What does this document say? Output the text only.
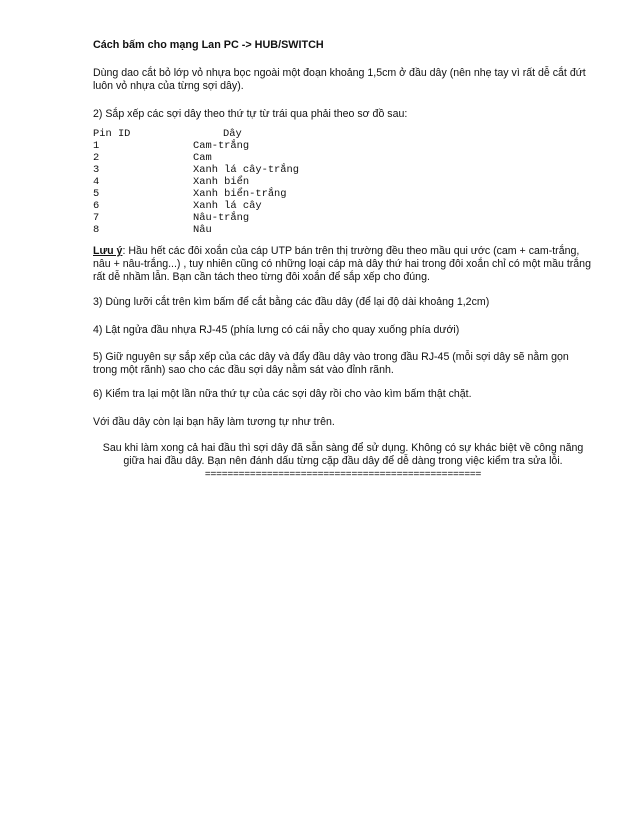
Cách bấm cho mạng Lan PC -> HUB/SWITCH
Dùng dao cắt bỏ lớp vỏ nhựa bọc ngoài một đoạn khoảng 1,5cm ở đầu dây (nên nhẹ tay vì rất dễ cắt đứt luôn vỏ nhựa của từng sợi dây).
2) Sắp xếp các sợi dây theo thứ tự từ trái qua phải theo sơ đồ sau:
Pin ID	Dây
1	Cam-trắng
2	Cam
3	Xanh lá cây-trắng
4	Xanh biển
5	Xanh biển-trắng
6	Xanh lá cây
7	Nâu-trắng
8	Nâu
Lưu ý: Hầu hết các đôi xoắn của cáp UTP bán trên thị trường đều theo mầu qui ước (cam + cam-trắng, nâu + nâu-trắng...) , tuy nhiên cũng có những loại cáp mà dây thứ hai trong đôi xoắn chỉ có một mầu trắng rất dễ nhầm lẫn. Bạn cần tách theo từng đôi xoắn để sắp xếp cho đúng.
3) Dùng lưỡi cắt trên kìm bấm để cắt bằng các đầu dây (để lại độ dài khoảng 1,2cm)
4) Lật ngửa đầu nhựa RJ-45 (phía lưng có cái nẫy cho quay xuống phía dưới)
5) Giữ nguyên sự sắp xếp của các dây và đẩy đầu dây vào trong đầu RJ-45 (mỗi sợi dây sẽ nằm gọn trong một rãnh) sao cho các đầu sợi dây nằm sát vào đỉnh rãnh.
6) Kiểm tra lại một lần nữa thứ tự của các sợi dây rồi cho vào kìm bấm thật chặt.
Với đầu dây còn lại bạn hãy làm tương tự như trên.
Sau khi làm xong cả hai đầu thì sợi dây đã sẵn sàng để sử dụng. Không có sự khác biệt về công năng giữa hai đầu dây. Bạn nên đánh dấu từng cặp đầu dây để dễ dàng trong việc kiểm tra sửa lỗi.
=================================================
